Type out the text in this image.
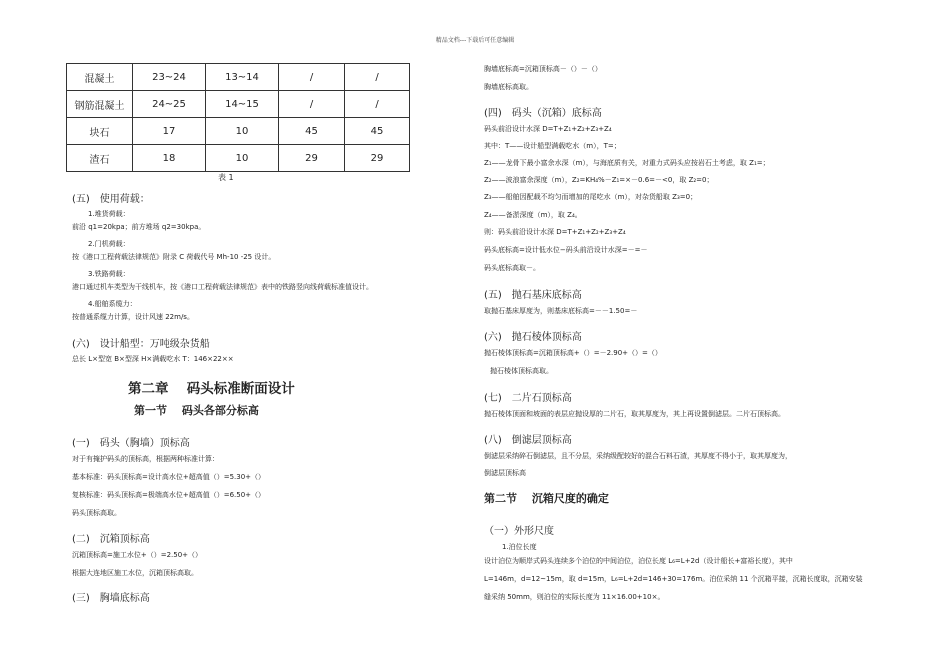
精品文档---下载后可任意编辑
混凝土	23~24	13~14	/	/
钢筋混凝土	24~25	14~15	/	/
块石	17	10	45	45
渣石	18	10	29	29
表 1
(五)　使用荷载：
1.堆货荷载：
前沿 q1=20kpa；前方堆场 q2=30kpa。
2.门机荷载：
按《港口工程荷载法律规范》附录 C 荷载代号 Mh-10 -25 设计。
3.铁路荷载：
港口通过机车类型为干线机车，按《港口工程荷载法律规范》表中的铁路竖向线荷载标准值设计。
4.船舶系缆力：
按普通系缆力计算，设计风速 22m/s。
(六)　设计船型：万吨级杂货船
总长 L×型宽 B×型深 H×满载吃水 T：146×22××
第二章　 码头标准断面设计
第一节　 码头各部分标高
(一)　码头（胸墙）顶标高
对于有掩护码头的顶标高，根据两种标准计算：
基本标准：码头顶标高=设计高水位+超高值（）=5.30+（）
复核标准：码头顶标高=极端高水位+超高值（）=6.50+（）
码头顶标高取。
(二)　沉箱顶标高
沉箱顶标高=施工水位+（）=2.50+（）
根据大连地区施工水位，沉箱顶标高取。
(三)　胸墙底标高
胸墙底标高=沉箱顶标高－（）－（）
胸墙底标高取。
(四)　码头（沉箱）底标高
码头前沿设计水深 D=T+Z₁+Z₂+Z₃+Z₄
其中：T——设计船型满载吃水（m），T=；
Z₁——龙骨下最小富余水深（m），与海底质有关，对重力式码头应按岩石土考虑，取 Z₁=；
Z₂——波浪富余深度（m），Z₂=KH₄%－Z₁=×－0.6=－<0，取 Z₂=0；
Z₃——船舶因配载不均匀而增加的尾吃水（m），对杂货船取 Z₃=0；
Z₄——备淤深度（m），取 Z₄。
则：码头前沿设计水深 D=T+Z₁+Z₂+Z₃+Z₄
码头底标高=设计低水位−码头前沿设计水深=－=－
码头底标高取－。
(五)　抛石基床底标高
取抛石基床厚度为，则基床底标高=－－1.50=－
(六)　抛石棱体顶标高
抛石棱体顶标高=沉箱顶标高+（）=－2.90+（）=（）
抛石棱体顶标高取。
(七)　二片石顶标高
抛石棱体顶面和坡面的表层应抛设厚的二片石，取其厚度为，其上再设置倒滤层。二片石顶标高。
(八)　倒滤层顶标高
倒滤层采纳碎石倒滤层，且不分层，采纳级配较好的混合石料石渣，其厚度不得小于，取其厚度为，
倒滤层顶标高
第二节　 沉箱尺度的确定
（一）外形尺度
1.泊位长度
设计泊位为顺岸式码头连续多个泊位的中间泊位，泊位长度 L₆=L+2d（设计船长+富裕长度），其中
L=146m，d=12~15m，取 d=15m，L₆=L+2d=146+30=176m。泊位采纳 11 个沉箱平接，沉箱长度取，沉箱安装
缝采纳 50mm，则泊位的实际长度为 11×16.00+10×。
